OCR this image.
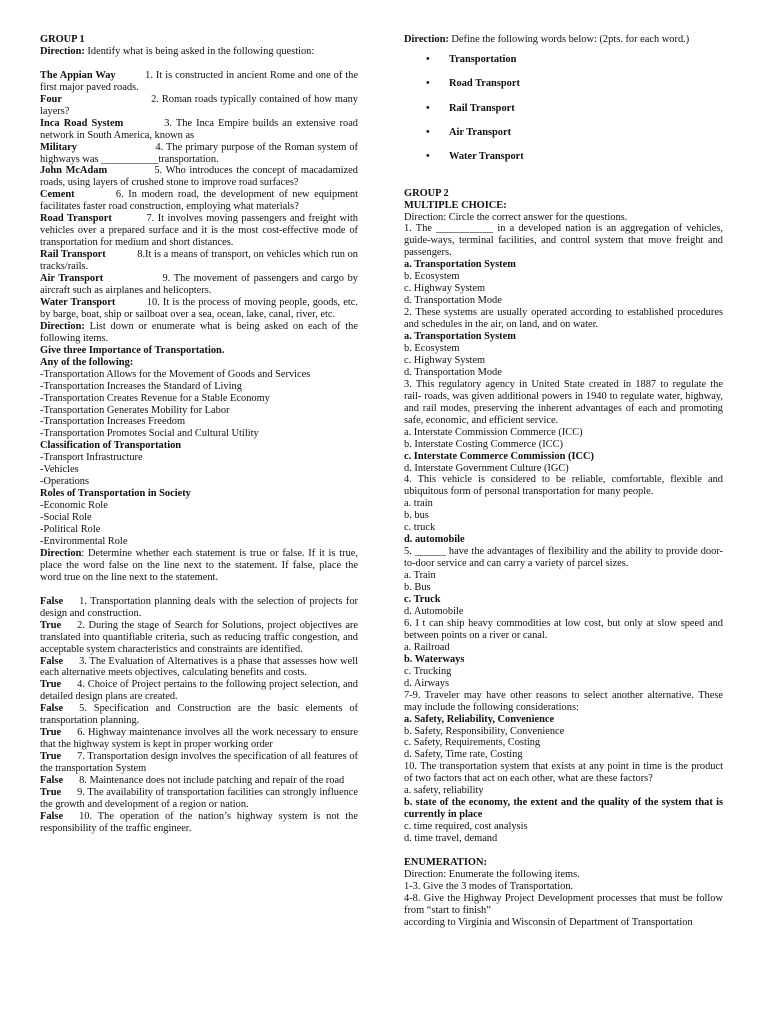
GROUP 1

Direction: Identify what is being asked in the following question:

The Appian Way          1. It is constructed in ancient Rome and one of the first major paved roads.

Four                               2. Roman roads typically contained of how many layers?

Inca Road System          3. The Inca Empire builds an extensive road network in South America, known as

Military                          4. The primary purpose of the Roman system of highways was ___________transportation.

John McAdam             5. Who introduces the concept of macadamized roads, using layers of crushed stone to improve road surfaces?

Cement         6. In modern road, the development of new equipment facilitates faster road construction, employing what materials?

Road Transport          7. It involves moving passengers and freight with vehicles over a prepared surface and it is the most cost-effective mode of transportation for medium and short distances.

Rail Transport            8.It is a means of transport, on vehicles which run on tracks/rails.

Air Transport                9. The movement of passengers and cargo by aircraft such as airplanes and helicopters.

Water Transport          10. It is the process of moving people, goods, etc. by barge, boat, ship or sailboat over a sea, ocean, lake, canal, river, etc.

Direction: List down or enumerate what is being asked on each of the following items.

Give three Importance of Transportation.

Any of the following:

-Transportation Allows for the Movement of Goods and Services

-Transportation Increases the Standard of Living

-Transportation Creates Revenue for a Stable Economy

-Transportation Generates Mobility for Labor

-Transportation Increases Freedom

-Transportation Promotes Social and Cultural Utility

Classification of Transportation

-Transport Infrastructure

-Vehicles

-Operations

Roles of Transportation in Society

-Economic Role

-Social Role

-Political Role

-Environmental Role

Direction: Determine whether each statement is true or false. If it is true, place the word false on the line next to the statement. If false, place the word true on the line next to the statement.

False 1. Transportation planning deals with the selection of projects for design and construction.

True 2. During the stage of Search for Solutions, project objectives are translated into quantifiable criteria, such as reducing traffic congestion, and acceptable system characteristics and constraints are identified.

False 3. The Evaluation of Alternatives is a phase that assesses how well each alternative meets objectives, calculating benefits and costs.

True 4. Choice of Project pertains to the following project selection, and detailed design plans are created.

False 5. Specification and Construction are the basic elements of transportation planning.

True 6. Highway maintenance involves all the work necessary to ensure that the highway system is kept in proper working order

True 7. Transportation design involves the specification of all features of the transportation System

False 8. Maintenance does not include patching and repair of the road

True 9. The availability of transportation facilities can strongly influence the growth and development of a region or nation.

False 10. The operation of the nation’s highway system is not the responsibility of the traffic engineer.

Direction: Define the following words below: (2pts. for each word.)

• Transportation
• Road Transport
• Rail Transport
• Air Transport
• Water Transport

GROUP 2

MULTIPLE CHOICE:

Direction: Circle the correct answer for the questions.

1. The ___________ in a developed nation is an aggregation of vehicles, guide-ways, terminal facilities, and control system that move freight and passengers.

a. Transportation System

b. Ecosystem

c. Highway System

d. Transportation Mode

2. These systems are usually operated according to established procedures and schedules in the air, on land, and on water.

a. Transportation System

b. Ecosystem

c. Highway System

d. Transportation Mode

3. This regulatory agency in United State created in 1887 to regulate the rail- roads, was given additional powers in 1940 to regulate water, highway, and rail modes, preserving the inherent advantages of each and promoting safe, economic, and efficient service.

a. Interstate Commission Commerce (ICC)

b. Interstate Costing Commerce (ICC)

c. Interstate Commerce Commission (ICC)

d. Interstate Government Culture (IGC)

4. This vehicle is considered to be reliable, comfortable, flexible and ubiquitous form of personal transportation for many people.

a. train

b. bus

c. truck

d. automobile

5. ______ have the advantages of flexibility and the ability to provide door-to-door service and can carry a variety of parcel sizes.

a. Train

b. Bus

c. Truck

d. Automobile

6. I t can ship heavy commodities at low cost, but only at slow speed and between points on a river or canal.

a. Railroad

b. Waterways

c. Trucking

d. Airways

7-9. Traveler may have other reasons to select another alternative. These may include the following considerations:

a. Safety, Reliability, Convenience

b. Safety, Responsibility, Convenience

c. Safety, Requirements, Costing

d. Safety, Time rate, Costing

10. The transportation system that exists at any point in time is the product of two factors that act on each other, what are these factors?

a. safety, reliability

b. state of the economy, the extent and the quality of the system that is currently in place

c. time required, cost analysis

d. time travel, demand

ENUMERATION:

Direction: Enumerate the following items.

1-3. Give the 3 modes of Transportation.

4-8. Give the Highway Project Development processes that must be follow from “start to finish”

according to Virginia and Wisconsin of Department of Transportation
